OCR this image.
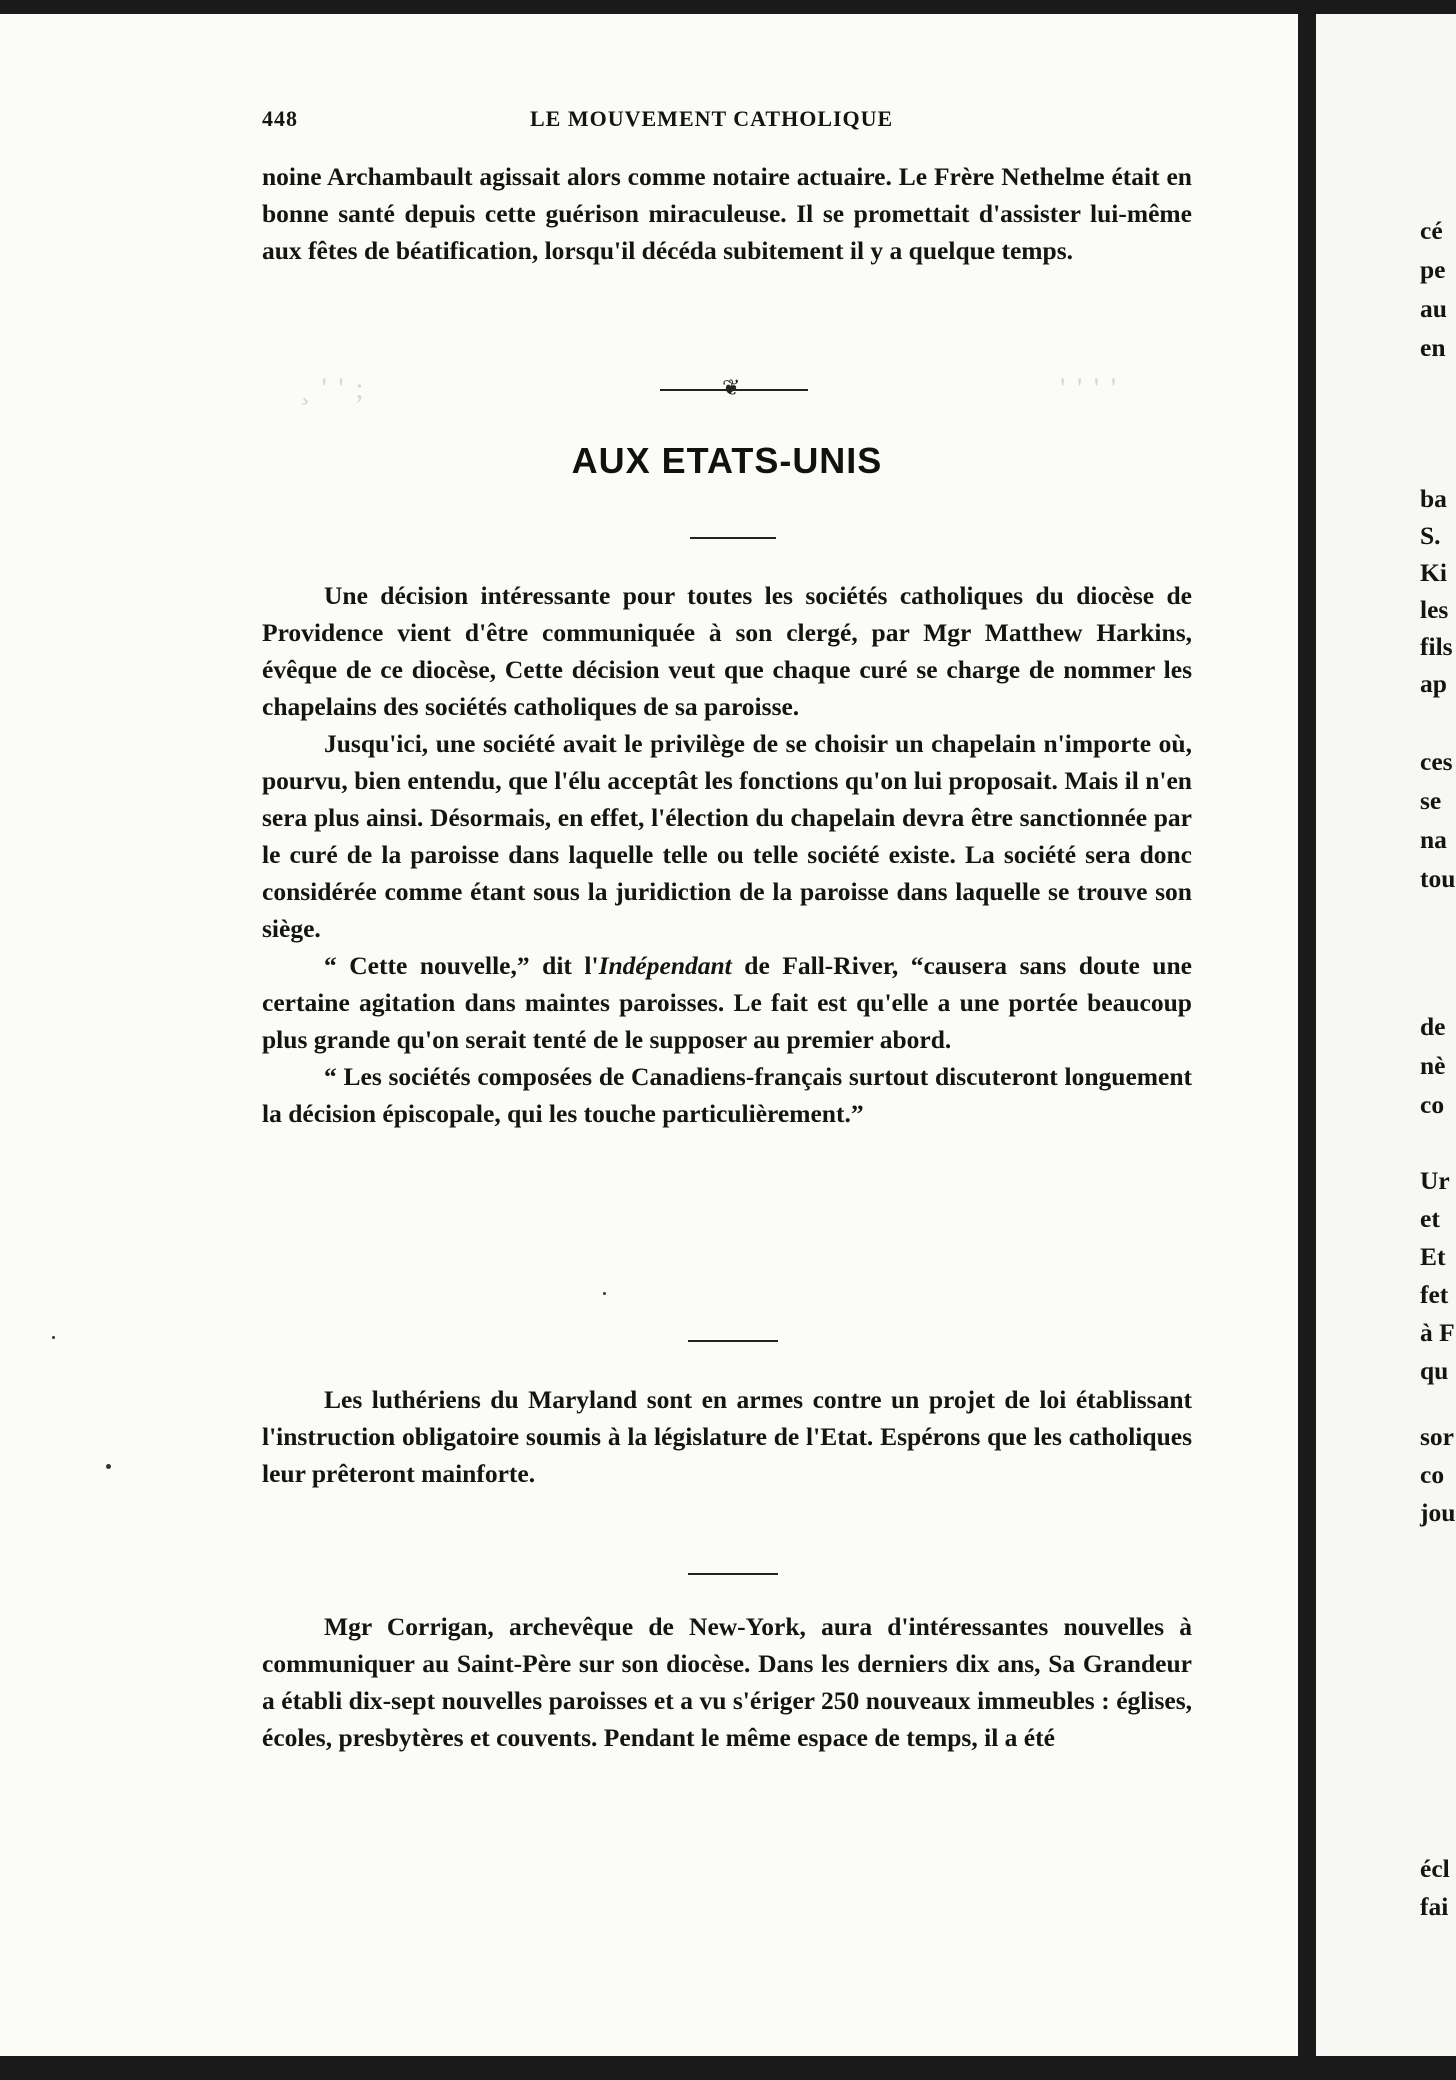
¸ ' ' ;	' ' ' '
448	LE MOUVEMENT CATHOLIQUE

noine Archambault agissait alors comme notaire actuaire. Le Frère Nethelme était en bonne santé depuis cette guérison miraculeuse. Il se promettait d'assister lui-même aux fêtes de béatification, lorsqu'il décéda subitement il y a quelque temps.

❦
AUX ETATS-UNIS

Une décision intéressante pour toutes les sociétés catholiques du diocèse de Providence vient d'être communiquée à son clergé, par Mgr Matthew Harkins, évêque de ce diocèse, Cette décision veut que chaque curé se charge de nommer les chapelains des sociétés catholiques de sa paroisse.

Jusqu'ici, une société avait le privilège de se choisir un chapelain n'importe où, pourvu, bien entendu, que l'élu acceptât les fonctions qu'on lui proposait. Mais il n'en sera plus ainsi. Désormais, en effet, l'élection du chapelain devra être sanctionnée par le curé de la paroisse dans laquelle telle ou telle société existe. La société sera donc considérée comme étant sous la juridiction de la paroisse dans laquelle se trouve son siège.

“ Cette nouvelle,” dit l'Indépendant de Fall-River, “causera sans doute une certaine agitation dans maintes paroisses. Le fait est qu'elle a une portée beaucoup plus grande qu'on serait tenté de le supposer au premier abord.

“ Les sociétés composées de Canadiens-français surtout discuteront longuement la décision épiscopale, qui les touche particulièrement.”

Les luthériens du Maryland sont en armes contre un projet de loi établissant l'instruction obligatoire soumis à la législature de l'Etat. Espérons que les catholiques leur prêteront mainforte.

Mgr Corrigan, archevêque de New-York, aura d'intéressantes nouvelles à communiquer au Saint-Père sur son diocèse. Dans les derniers dix ans, Sa Grandeur a établi dix-sept nouvelles paroisses et a vu s'ériger 250 nouveaux immeubles : églises, écoles, presbytères et couvents. Pendant le même espace de temps, il a été

cé
pe
au
en
ba
S.
Ki
les
fils
ap
ces
se
na
tou
de
nè
co
Ur
et
Et
fet
à F
qu
sor
co
jou
écl
fai
